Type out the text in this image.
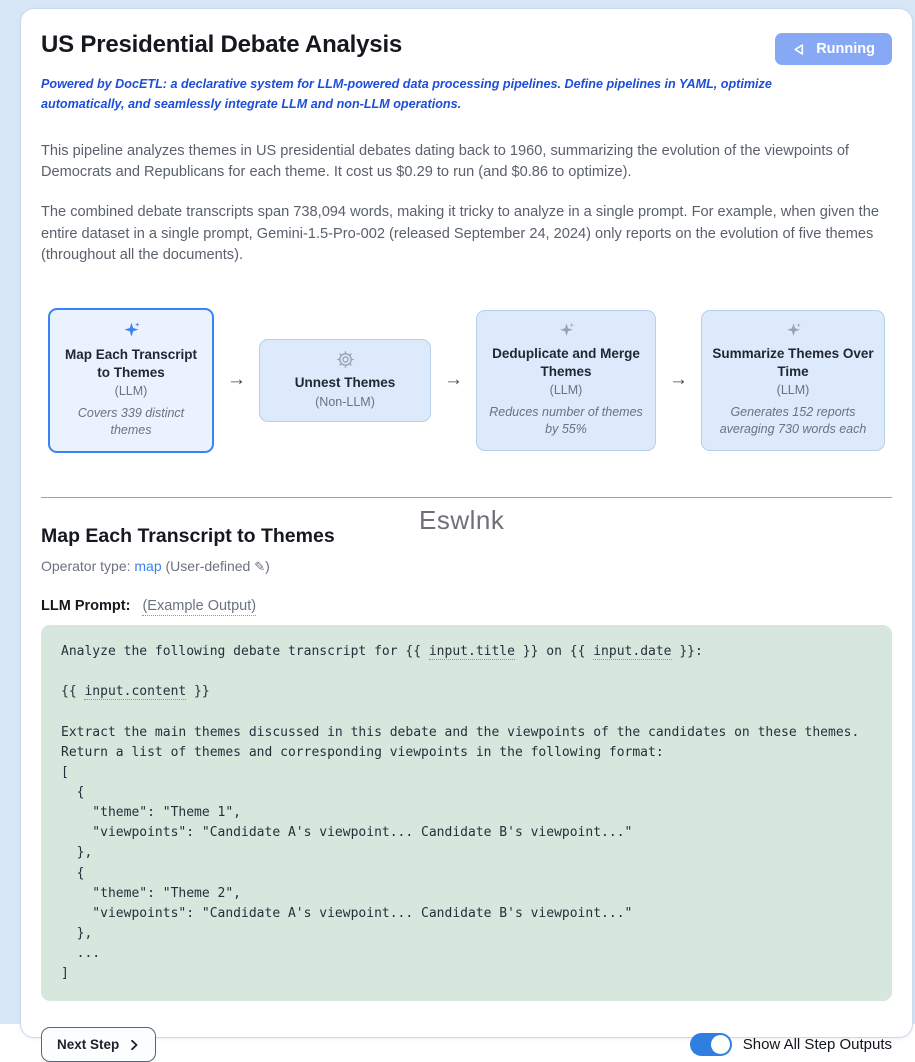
US Presidential Debate Analysis	Running

Powered by DocETL: a declarative system for LLM-powered data processing pipelines. Define pipelines in YAML, optimize automatically, and seamlessly integrate LLM and non-LLM operations.

This pipeline analyzes themes in US presidential debates dating back to 1960, summarizing the evolution of the viewpoints of Democrats and Republicans for each theme. It cost us $0.29 to run (and $0.86 to optimize).

The combined debate transcripts span 738,094 words, making it tricky to analyze in a single prompt. For example, when given the entire dataset in a single prompt, Gemini-1.5-Pro-002 (released September 24, 2024) only reports on the evolution of five themes (throughout all the documents).

Map Each Transcript to Themes
(LLM)
Covers 339 distinct themes
→	Unnest Themes
(Non-LLM)
→
Deduplicate and Merge Themes
(LLM)
Reduces number of themes by 55%
→
Summarize Themes Over Time
(LLM)
Generates 152 reports averaging 730 words each
Map Each Transcript to Themes
Operator type: map (User-defined ✎)
Eswlnk
LLM Prompt: (Example Output)
Analyze the following debate transcript for {{ input.title }} on {{ input.date }}:

{{ input.content }}

Extract the main themes discussed in this debate and the viewpoints of the candidates on these themes.
Return a list of themes and corresponding viewpoints in the following format:
[
{
"theme": "Theme 1",
"viewpoints": "Candidate A's viewpoint... Candidate B's viewpoint..."
},
{
"theme": "Theme 2",
"viewpoints": "Candidate A's viewpoint... Candidate B's viewpoint..."
},
...
]
Next Step	Show All Step Outputs
